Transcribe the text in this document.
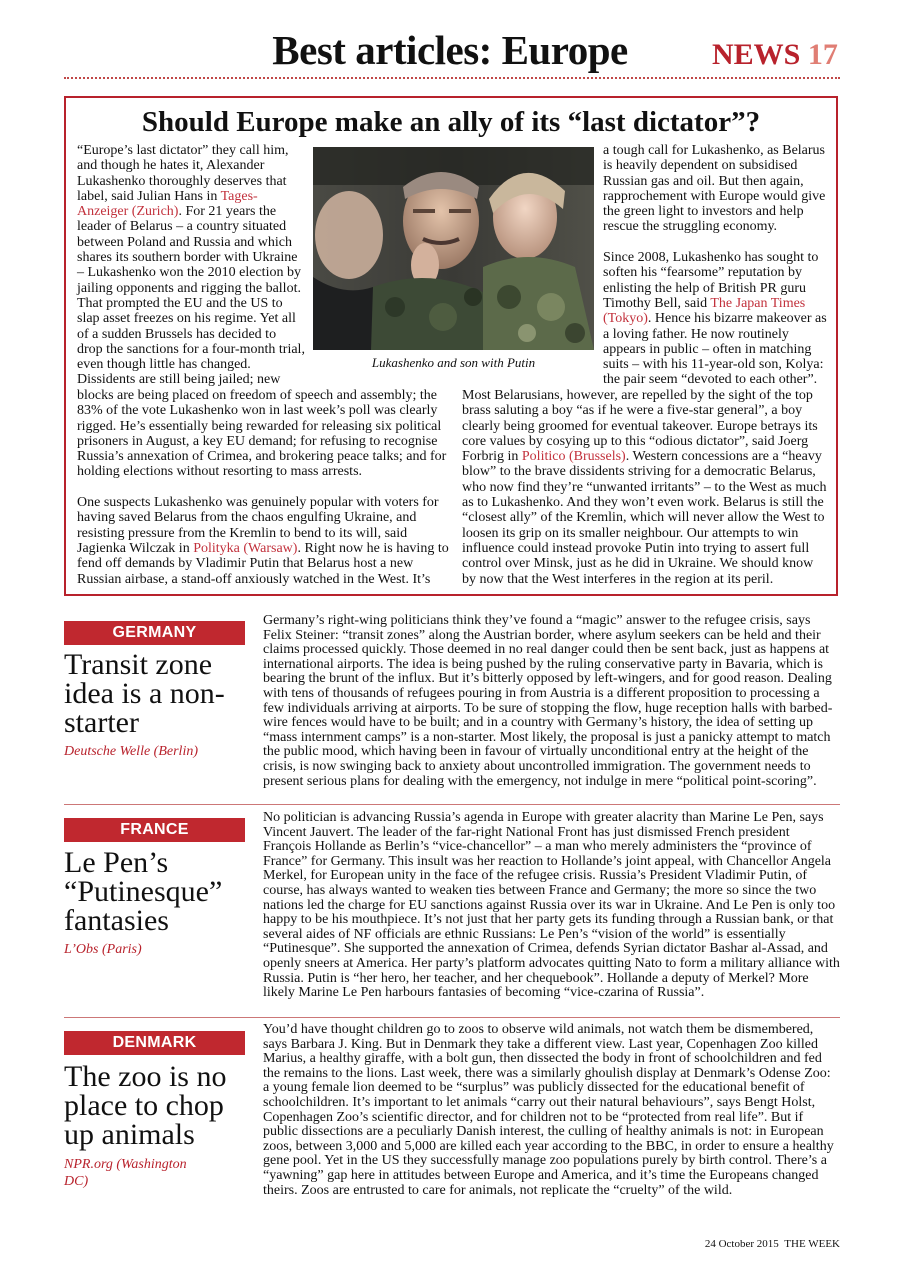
Best articles: Europe	NEWS 17
Should Europe make an ally of its “last dictator”?
Lukashenko and son with Putin

“Europe’s last dictator” they call him, and though he hates it, Alexander Lukashenko thoroughly deserves that label, said Julian Hans in Tages-Anzeiger (Zurich). For 21 years the leader of Belarus – a country situated between Poland and Russia and which shares its southern border with Ukraine – Lukashenko won the 2010 election by jailing opponents and rigging the ballot. That prompted the EU and the US to slap asset freezes on his regime. Yet all of a sudden Brussels has decided to drop the sanctions for a four-month trial, even though little has changed. Dissidents are still being jailed; new

blocks are being placed on freedom of speech and assembly; the 83% of the vote Lukashenko won in last week’s poll was clearly rigged. He’s essentially being rewarded for releasing six political prisoners in August, a key EU demand; for refusing to recognise Russia’s annexation of Crimea, and brokering peace talks; and for holding elections without resorting to mass arrests.

One suspects Lukashenko was genuinely popular with voters for having saved Belarus from the chaos engulfing Ukraine, and resisting pressure from the Kremlin to bend to its will, said Jagienka Wilczak in Polityka (Warsaw). Right now he is having to fend off demands by Vladimir Putin that Belarus host a new Russian airbase, a stand-off anxiously watched in the West. It’s

a tough call for Lukashenko, as Belarus is heavily dependent on subsidised Russian gas and oil. But then again, rapprochement with Europe would give the green light to investors and help rescue the struggling economy.

Since 2008, Lukashenko has sought to soften his “fearsome” reputation by enlisting the help of British PR guru Timothy Bell, said The Japan Times (Tokyo). Hence his bizarre makeover as a loving father. He now routinely appears in public – often in matching suits – with his 11-year-old son, Kolya: the pair seem “devoted to each other”.

Most Belarusians, however, are repelled by the sight of the top brass saluting a boy “as if he were a five-star general”, a boy clearly being groomed for eventual takeover. Europe betrays its core values by cosying up to this “odious dictator”, said Joerg Forbrig in Politico (Brussels). Western concessions are a “heavy blow” to the brave dissidents striving for a democratic Belarus, who now find they’re “unwanted irritants” – to the West as much as to Lukashenko. And they won’t even work. Belarus is still the “closest ally” of the Kremlin, which will never allow the West to loosen its grip on its smaller neighbour. Our attempts to win influence could instead provoke Putin into trying to assert full control over Minsk, just as he did in Ukraine. We should know by now that the West interferes in the region at its peril.

GERMANY
Transit zone idea is a non-starter
Deutsche Welle (Berlin)
Germany’s right-wing politicians think they’ve found a “magic” answer to the refugee crisis, says Felix Steiner: “transit zones” along the Austrian border, where asylum seekers can be held and their claims processed quickly. Those deemed in no real danger could then be sent back, just as happens at international airports. The idea is being pushed by the ruling conservative party in Bavaria, which is bearing the brunt of the influx. But it’s bitterly opposed by left-wingers, and for good reason. Dealing with tens of thousands of refugees pouring in from Austria is a different proposition to processing a few individuals arriving at airports. To be sure of stopping the flow, huge reception halls with barbed-wire fences would have to be built; and in a country with Germany’s history, the idea of setting up “mass internment camps” is a non-starter. Most likely, the proposal is just a panicky attempt to match the public mood, which having been in favour of virtually unconditional entry at the height of the crisis, is now swinging back to anxiety about uncontrolled immigration. The government needs to present serious plans for dealing with the emergency, not indulge in mere “political point-scoring”.
FRANCE
Le Pen’s “Putinesque” fantasies
L’Obs (Paris)
No politician is advancing Russia’s agenda in Europe with greater alacrity than Marine Le Pen, says Vincent Jauvert. The leader of the far-right National Front has just dismissed French president François Hollande as Berlin’s “vice-chancellor” – a man who merely administers the “province of France” for Germany. This insult was her reaction to Hollande’s joint appeal, with Chancellor Angela Merkel, for European unity in the face of the refugee crisis. Russia’s President Vladimir Putin, of course, has always wanted to weaken ties between France and Germany; the more so since the two nations led the charge for EU sanctions against Russia over its war in Ukraine. And Le Pen is only too happy to be his mouthpiece. It’s not just that her party gets its funding through a Russian bank, or that several aides of NF officials are ethnic Russians: Le Pen’s “vision of the world” is essentially “Putinesque”. She supported the annexation of Crimea, defends Syrian dictator Bashar al-Assad, and openly sneers at America. Her party’s platform advocates quitting Nato to form a military alliance with Russia. Putin is “her hero, her teacher, and her chequebook”. Hollande a deputy of Merkel? More likely Marine Le Pen harbours fantasies of becoming “vice-czarina of Russia”.
DENMARK
The zoo is no place to chop up animals
NPR.org (Washington DC)
You’d have thought children go to zoos to observe wild animals, not watch them be dismembered, says Barbara J. King. But in Denmark they take a different view. Last year, Copenhagen Zoo killed Marius, a healthy giraffe, with a bolt gun, then dissected the body in front of schoolchildren and fed the remains to the lions. Last week, there was a similarly ghoulish display at Denmark’s Odense Zoo: a young female lion deemed to be “surplus” was publicly dissected for the educational benefit of schoolchildren. It’s important to let animals “carry out their natural behaviours”, says Bengt Holst, Copenhagen Zoo’s scientific director, and for children not to be “protected from real life”. But if public dissections are a peculiarly Danish interest, the culling of healthy animals is not: in European zoos, between 3,000 and 5,000 are killed each year according to the BBC, in order to ensure a healthy gene pool. Yet in the US they successfully manage zoo populations purely by birth control. There’s a “yawning” gap here in attitudes between Europe and America, and it’s time the Europeans changed theirs. Zoos are entrusted to care for animals, not replicate the “cruelty” of the wild.
24 October 2015 THE WEEK
